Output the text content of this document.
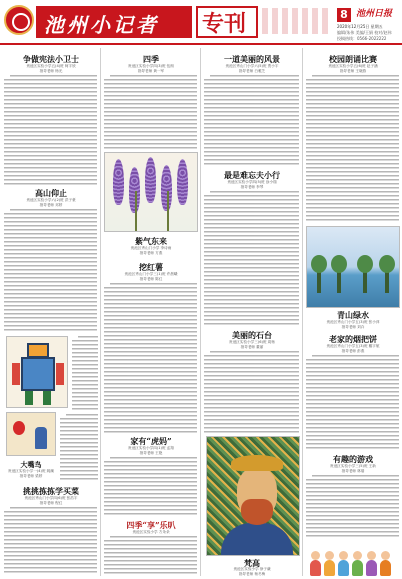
池州小记者 专刊	8 池州日报
2020年12月25日 星期五
编辑/朱伟 美编/王娟 校对/赵伟
投稿热线：0566-2022222
争做宪法小卫士
贵池区实验小学五(4)班 柯宇欣
指导老师 杨光
高山仰止
贵池区实验小学六(2)班 洪子豪
指导老师 邓婷
大嘴鸟
贵池区实验小学一(4)班 姚澜
指导老师 梁婷
挑挑拣拣学买菜
贵池区秀山门小学四(6)班 张浩宇
指导老师 程红
四季
贵池区实验小学四(3)班 伍朗
指导老师 黄一军
紫气东来
贵池区秀山门小学 李诗雨
指导老师 方燕
挖红薯
贵池区秀山门小学三(1)班 许晨曦
指导老师 陈红
家有“虎妈”
贵池区实验小学四(1)班 孟翔
指导老师 王艳
四季“享”乐叭
贵池区实验小学 方朵朵
一道美丽的风景
贵池区秀山门小学六(5)班 贾小宇
指导老师 白雅芝
最是难忘夫小行
贵池区实验小学四(5)班 涂小瑞
指导老师 李琴
美丽的石台
贵池区实验小学三(6)班 周杨
指导老师 董丽
梵高
贵池区实验小学 徐子谦
指导老师 杨冬梅
校园朗诵比赛
贵池区实验小学五(6)班 赵子涵
指导老师 王晓燕
青山绿水
贵池区秀山门小学五(3)班 张小萍
指导老师 刘卉
老家的烟把饼
贵池区秀山门小学五(3)班 戴宇航
指导老师 彭燕
有趣的游戏
贵池区实验小学三(5)班 王新
指导老师 林瑞
